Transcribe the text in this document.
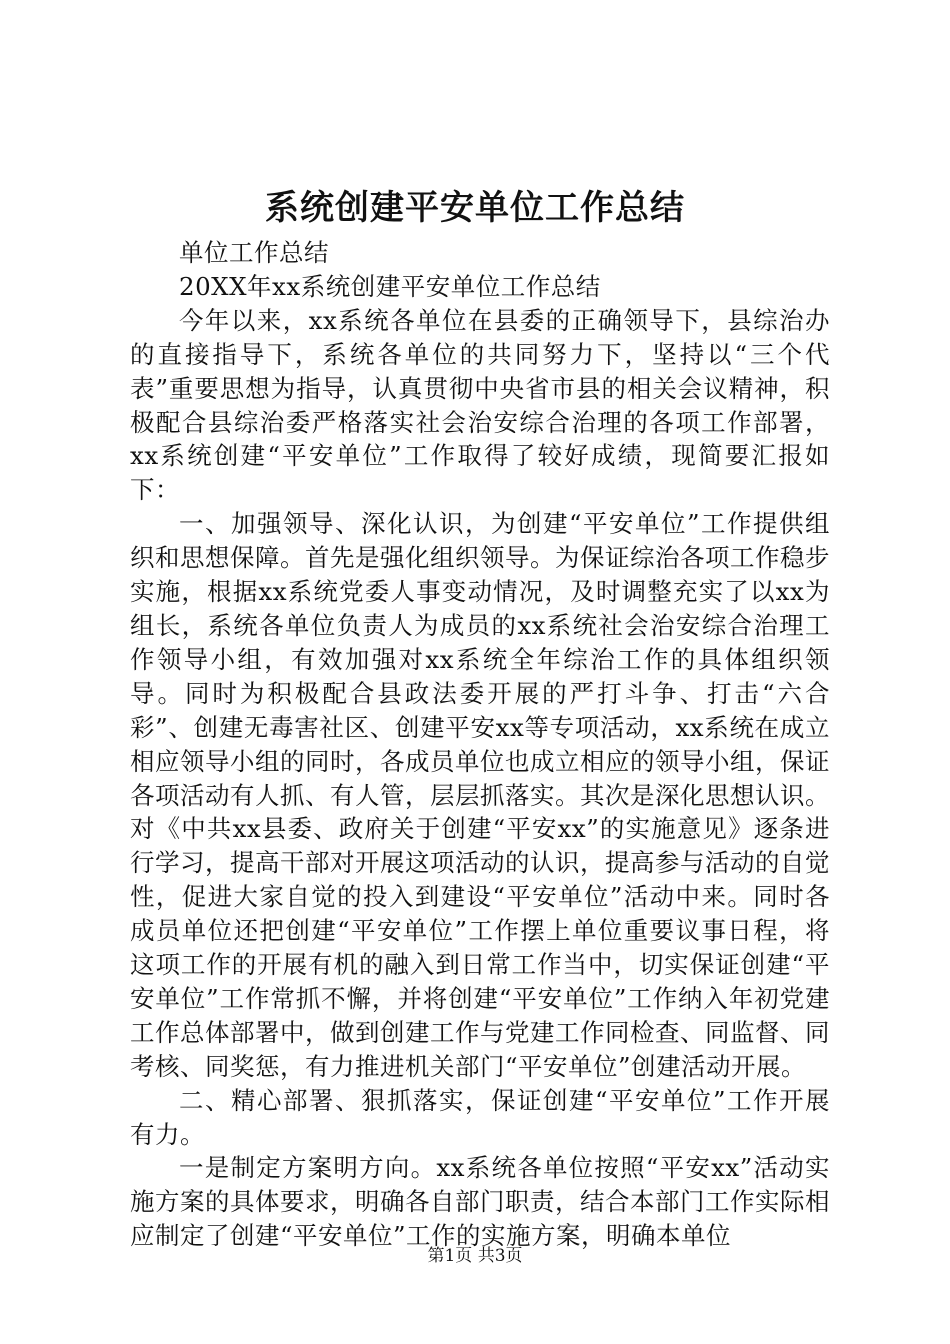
系统创建平安单位工作总结

单位工作总结

20XX年xx系统创建平安单位工作总结

今年以来，xx系统各单位在县委的正确领导下，县综治办的直接指导下，系统各单位的共同努力下，坚持以“三个代表”重要思想为指导，认真贯彻中央省市县的相关会议精神，积极配合县综治委严格落实社会治安综合治理的各项工作部署，xx系统创建“平安单位”工作取得了较好成绩，现简要汇报如下：

一、加强领导、深化认识，为创建“平安单位”工作提供组织和思想保障。首先是强化组织领导。为保证综治各项工作稳步实施，根据xx系统党委人事变动情况，及时调整充实了以xx为组长，系统各单位负责人为成员的xx系统社会治安综合治理工作领导小组，有效加强对xx系统全年综治工作的具体组织领导。同时为积极配合县政法委开展的严打斗争、打击“六合彩”、创建无毒害社区、创建平安xx等专项活动，xx系统在成立相应领导小组的同时，各成员单位也成立相应的领导小组，保证各项活动有人抓、有人管，层层抓落实。其次是深化思想认识。对《中共xx县委、政府关于创建“平安xx”的实施意见》逐条进行学习，提高干部对开展这项活动的认识，提高参与活动的自觉性，促进大家自觉的投入到建设“平安单位”活动中来。同时各成员单位还把创建“平安单位”工作摆上单位重要议事日程，将这项工作的开展有机的融入到日常工作当中，切实保证创建“平安单位”工作常抓不懈，并将创建“平安单位”工作纳入年初党建工作总体部署中，做到创建工作与党建工作同检查、同监督、同考核、同奖惩，有力推进机关部门“平安单位”创建活动开展。

二、精心部署、狠抓落实，保证创建“平安单位”工作开展有力。

一是制定方案明方向。xx系统各单位按照“平安xx”活动实施方案的具体要求，明确各自部门职责，结合本部门工作实际相应制定了创建“平安单位”工作的实施方案，明确本单位

第1页 共3页
